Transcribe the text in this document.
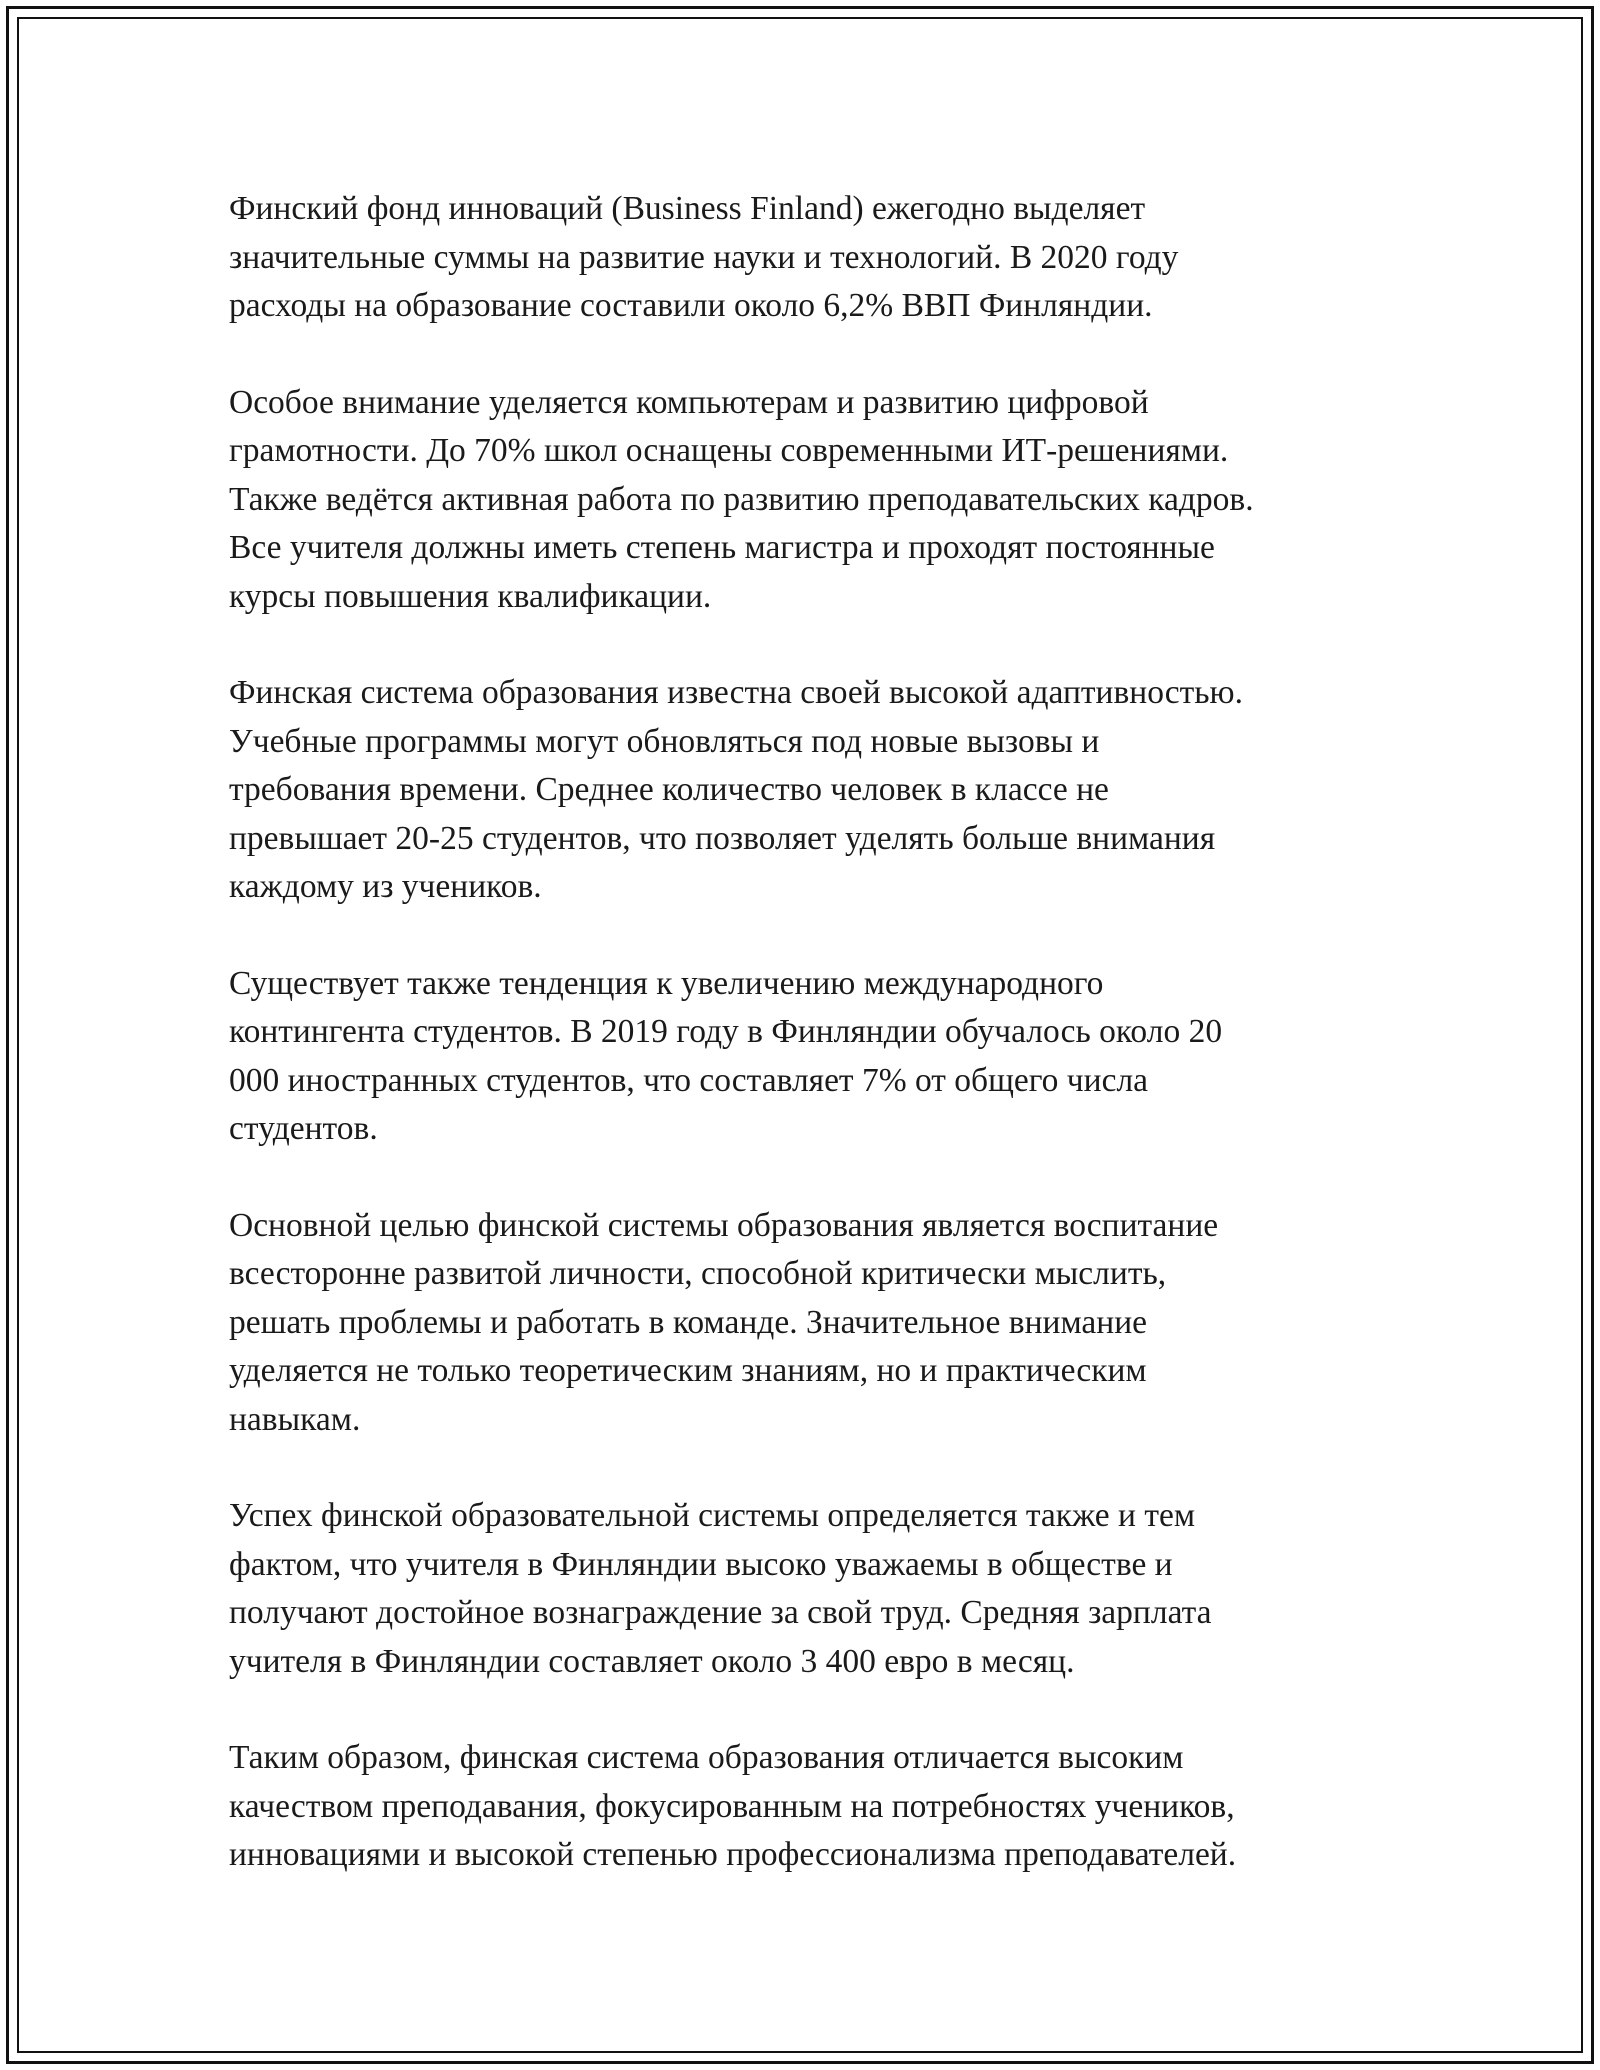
Финский фонд инноваций (Business Finland) ежегодно выделяет
значительные суммы на развитие науки и технологий. В 2020 году
расходы на образование составили около 6,2% ВВП Финляндии.

Особое внимание уделяется компьютерам и развитию цифровой
грамотности. До 70% школ оснащены современными ИТ-решениями.
Также ведётся активная работа по развитию преподавательских кадров.
Все учителя должны иметь степень магистра и проходят постоянные
курсы повышения квалификации.

Финская система образования известна своей высокой адаптивностью.
Учебные программы могут обновляться под новые вызовы и
требования времени. Среднее количество человек в классе не
превышает 20-25 студентов, что позволяет уделять больше внимания
каждому из учеников.

Существует также тенденция к увеличению международного
контингента студентов. В 2019 году в Финляндии обучалось около 20
000 иностранных студентов, что составляет 7% от общего числа
студентов.

Основной целью финской системы образования является воспитание
всесторонне развитой личности, способной критически мыслить,
решать проблемы и работать в команде. Значительное внимание
уделяется не только теоретическим знаниям, но и практическим
навыкам.

Успех финской образовательной системы определяется также и тем
фактом, что учителя в Финляндии высоко уважаемы в обществе и
получают достойное вознаграждение за свой труд. Средняя зарплата
учителя в Финляндии составляет около 3 400 евро в месяц.

Таким образом, финская система образования отличается высоким
качеством преподавания, фокусированным на потребностях учеников,
инновациями и высокой степенью профессионализма преподавателей.
